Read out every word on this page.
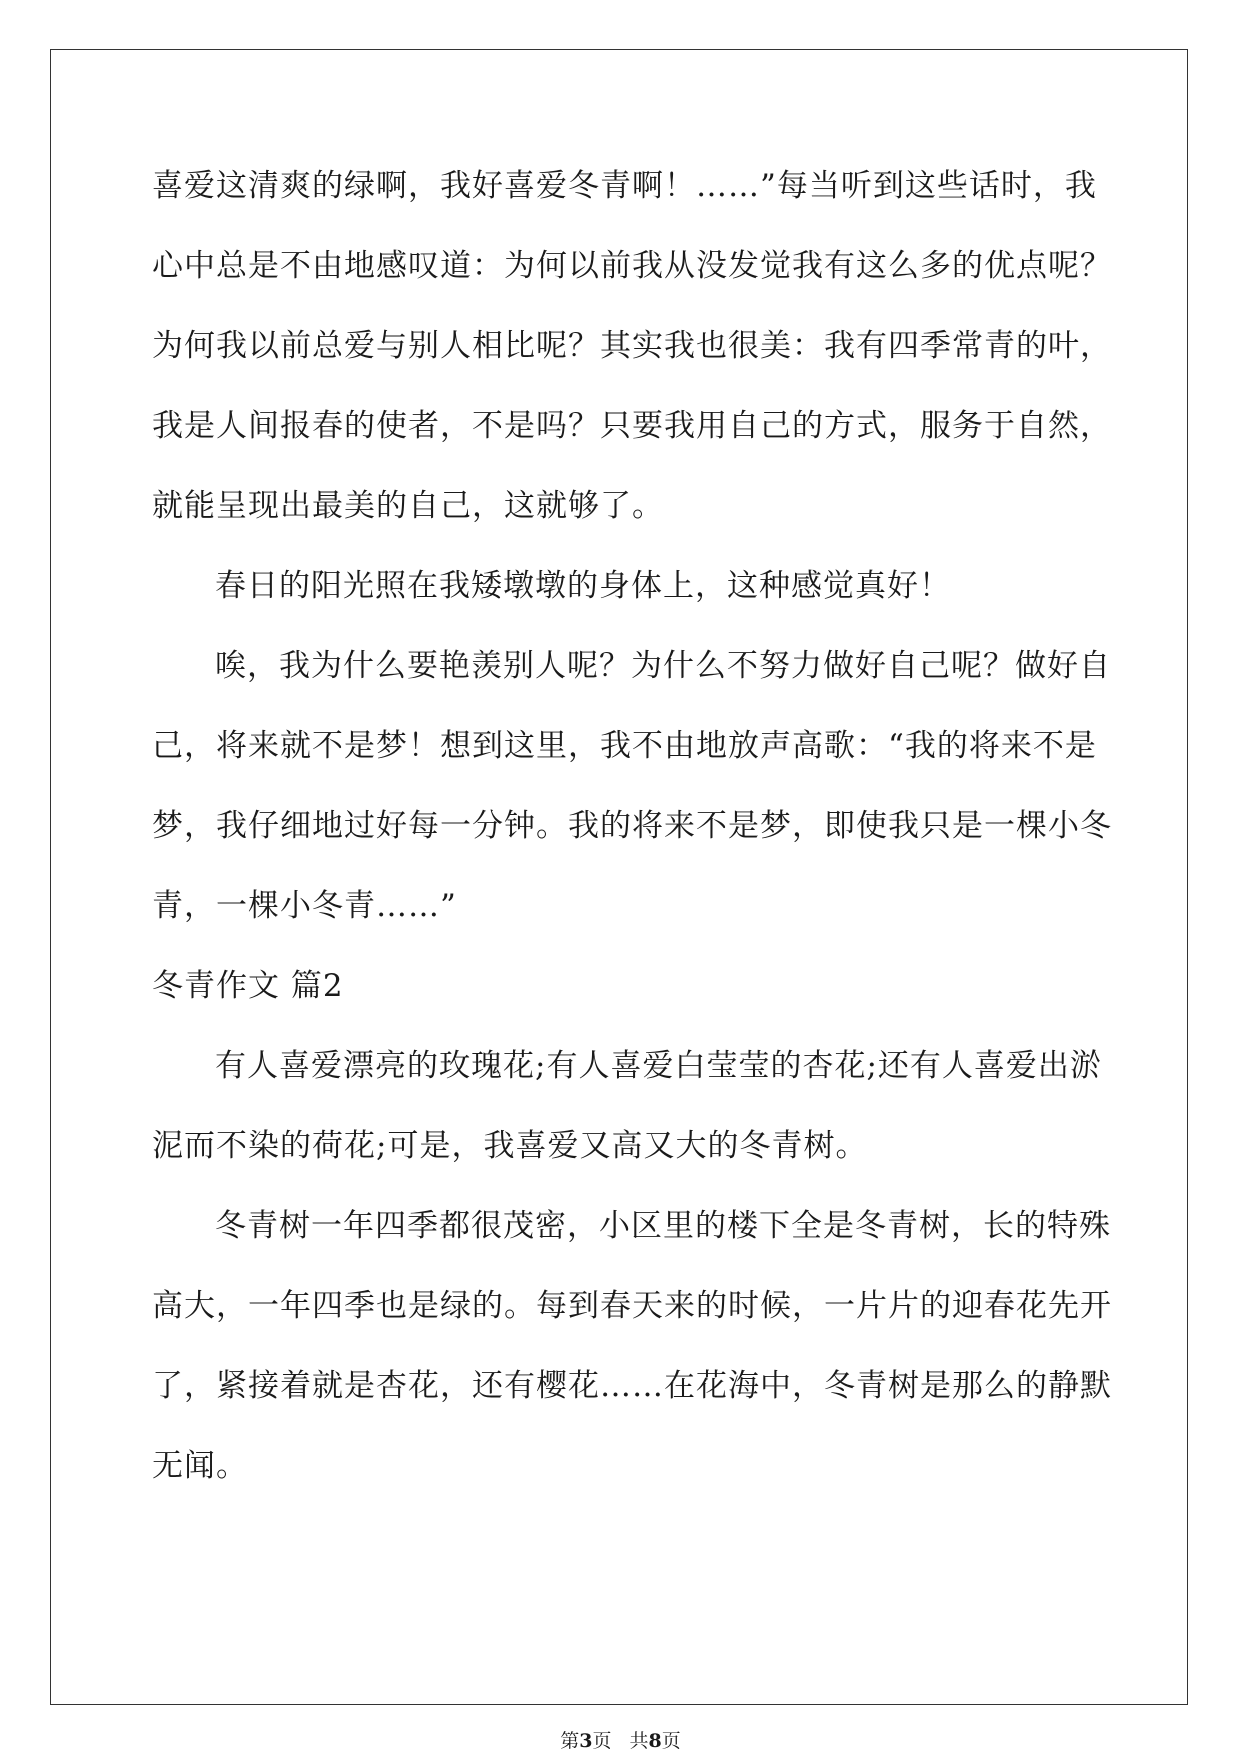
喜爱这清爽的绿啊，我好喜爱冬青啊！……”每当听到这些话时，我
心中总是不由地感叹道：为何以前我从没发觉我有这么多的优点呢？
为何我以前总爱与别人相比呢？其实我也很美：我有四季常青的叶，
我是人间报春的使者，不是吗？只要我用自己的方式，服务于自然，
就能呈现出最美的自己，这就够了。
春日的阳光照在我矮墩墩的身体上，这种感觉真好！
唉，我为什么要艳羡别人呢？为什么不努力做好自己呢？做好自
己，将来就不是梦！想到这里，我不由地放声高歌：“我的将来不是
梦，我仔细地过好每一分钟。我的将来不是梦，即使我只是一棵小冬
青，一棵小冬青……”
冬青作文 篇2
有人喜爱漂亮的玫瑰花;有人喜爱白莹莹的杏花;还有人喜爱出淤
泥而不染的荷花;可是，我喜爱又高又大的冬青树。
冬青树一年四季都很茂密，小区里的楼下全是冬青树，长的特殊
高大，一年四季也是绿的。每到春天来的时候，一片片的迎春花先开
了，紧接着就是杏花，还有樱花……在花海中，冬青树是那么的静默
无闻。
第3页 共8页
